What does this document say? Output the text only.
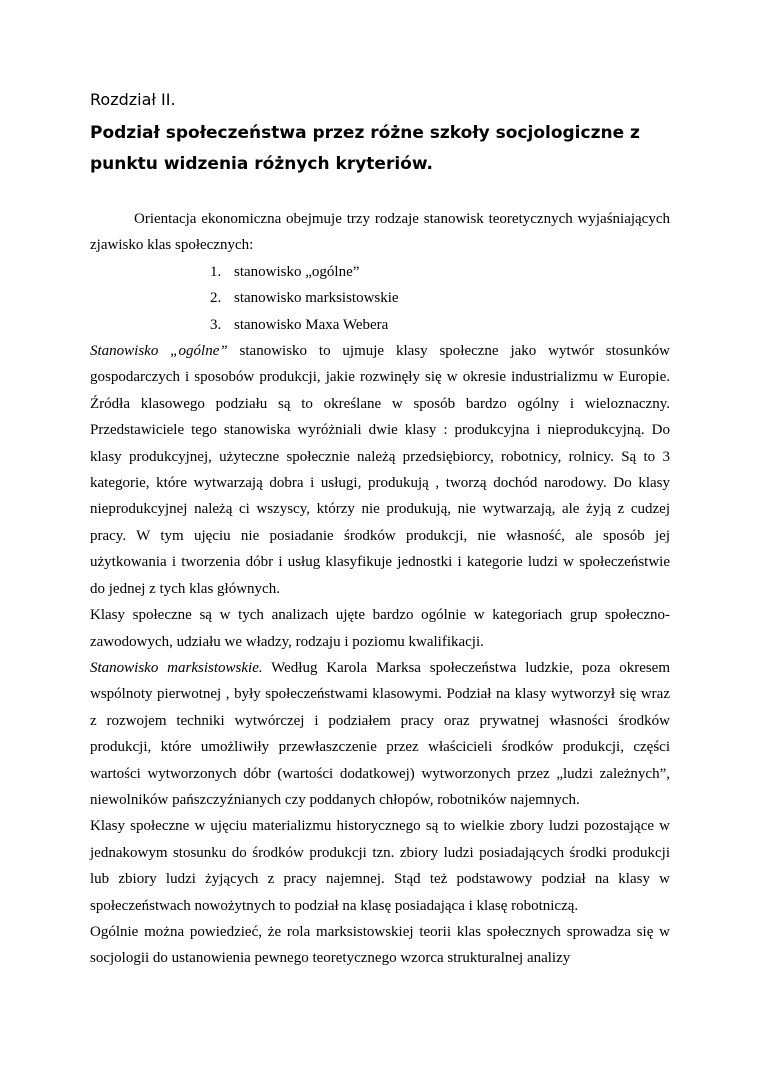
Rozdział II.
Podział społeczeństwa przez różne szkoły socjologiczne z punktu widzenia różnych kryteriów.

Orientacja ekonomiczna obejmuje trzy rodzaje stanowisk teoretycznych wyjaśniających zjawisko klas społecznych:

1. stanowisko „ogólne”
2. stanowisko marksistowskie
3. stanowisko Maxa Webera

Stanowisko „ogólne” stanowisko to ujmuje klasy społeczne jako wytwór stosunków gospodarczych i sposobów produkcji, jakie rozwinęły się w okresie industrializmu w Europie. Źródła klasowego podziału są to określane w sposób bardzo ogólny i wieloznaczny. Przedstawiciele tego stanowiska wyróżniali dwie klasy : produkcyjna i nieprodukcyjną. Do klasy produkcyjnej, użyteczne społecznie należą przedsiębiorcy, robotnicy, rolnicy. Są to 3 kategorie, które wytwarzają dobra i usługi, produkują , tworzą dochód narodowy. Do klasy nieprodukcyjnej należą ci wszyscy, którzy nie produkują, nie wytwarzają, ale żyją z cudzej pracy. W tym ujęciu nie posiadanie środków produkcji, nie własność, ale sposób jej użytkowania i tworzenia dóbr i usług klasyfikuje jednostki i kategorie ludzi w społeczeństwie do jednej z tych klas głównych.

Klasy społeczne są w tych analizach ujęte bardzo ogólnie w kategoriach grup społeczno-zawodowych, udziału we władzy, rodzaju i poziomu kwalifikacji.

Stanowisko marksistowskie. Według Karola Marksa społeczeństwa ludzkie, poza okresem wspólnoty pierwotnej , były społeczeństwami klasowymi. Podział na klasy wytworzył się wraz z rozwojem techniki wytwórczej i podziałem pracy oraz prywatnej własności środków produkcji, które umożliwiły przewłaszczenie przez właścicieli środków produkcji, części wartości wytworzonych dóbr (wartości dodatkowej) wytworzonych przez „ludzi zależnych”, niewolników pańszczyźnianych czy poddanych chłopów, robotników najemnych.

Klasy społeczne w ujęciu materializmu historycznego są to wielkie zbory ludzi pozostające w jednakowym stosunku do środków produkcji tzn. zbiory ludzi posiadających środki produkcji lub zbiory ludzi żyjących z pracy najemnej. Stąd też podstawowy podział na klasy w społeczeństwach nowożytnych to podział na klasę posiadająca i klasę robotniczą.

Ogólnie można powiedzieć, że rola marksistowskiej teorii klas społecznych sprowadza się w socjologii do ustanowienia pewnego teoretycznego wzorca strukturalnej analizy
